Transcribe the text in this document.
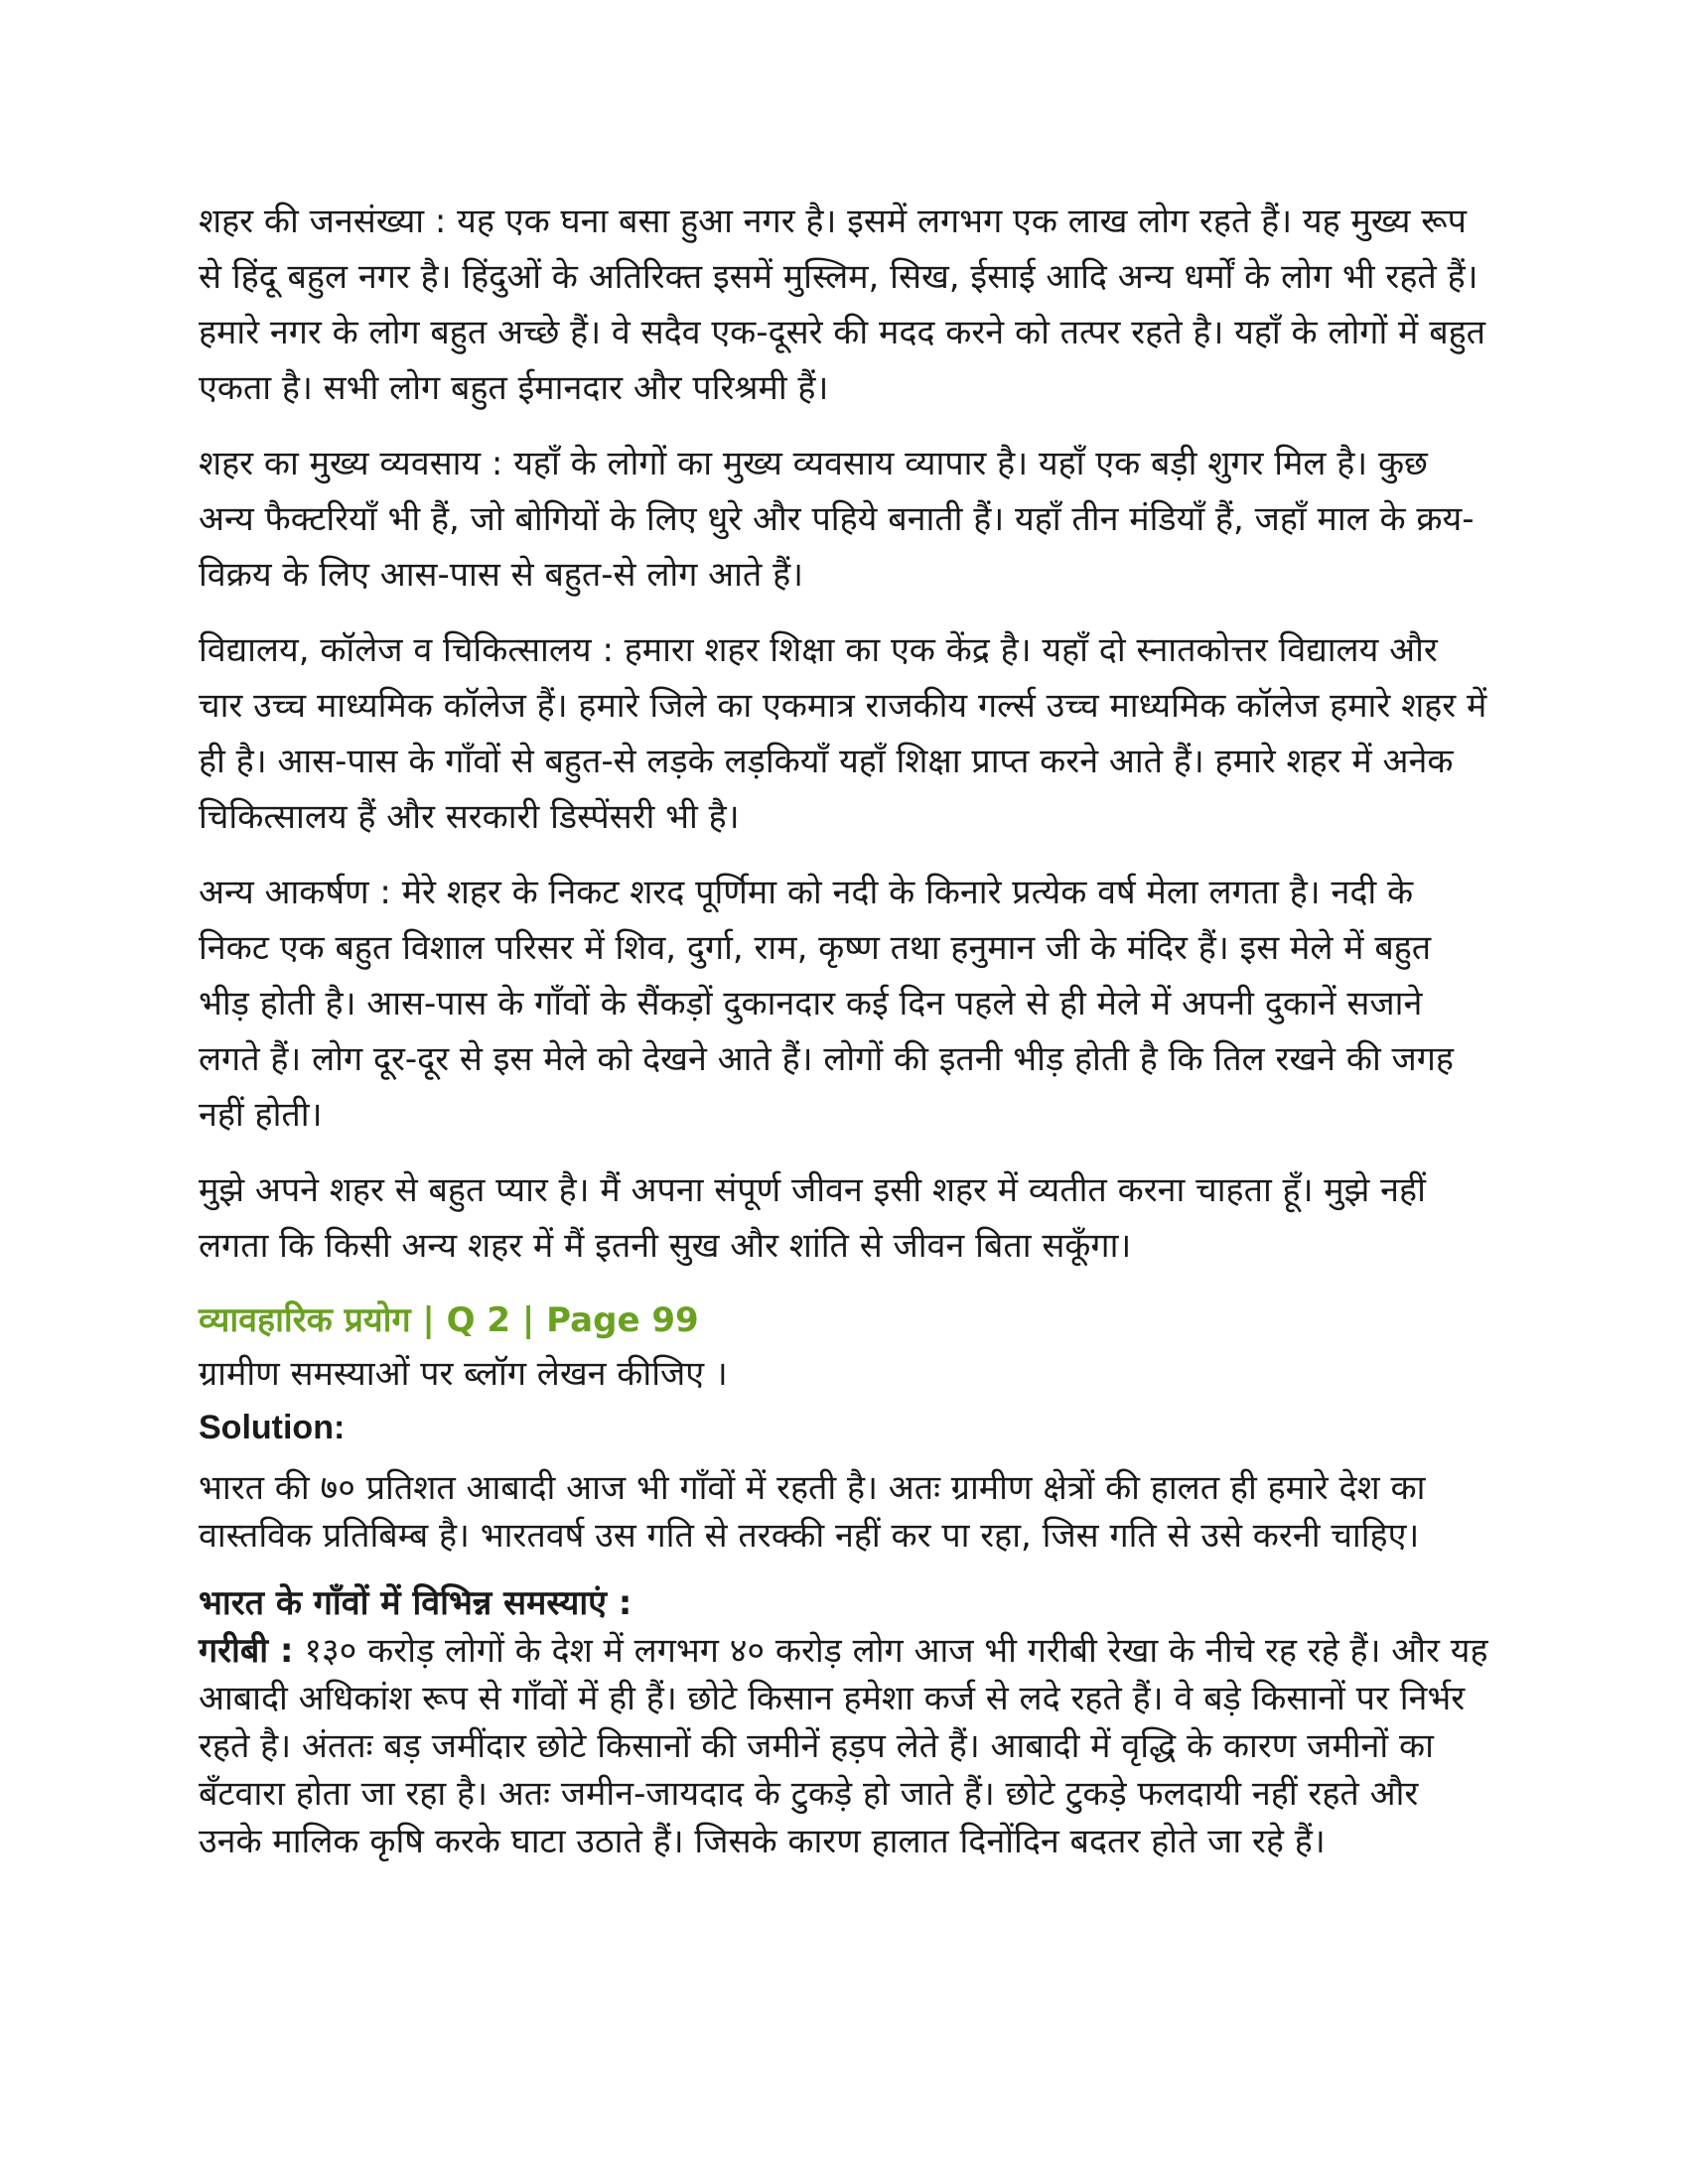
शहर की जनसंख्या : यह एक घना बसा हुआ नगर है। इसमें लगभग एक लाख लोग रहते हैं। यह मुख्य रूप से हिंदू बहुल नगर है। हिंदुओं के अतिरिक्त इसमें मुस्लिम, सिख, ईसाई आदि अन्य धर्मों के लोग भी रहते हैं। हमारे नगर के लोग बहुत अच्छे हैं। वे सदैव एक-दूसरे की मदद करने को तत्पर रहते है। यहाँ के लोगों में बहुत एकता है। सभी लोग बहुत ईमानदार और परिश्रमी हैं।

शहर का मुख्य व्यवसाय : यहाँ के लोगों का मुख्य व्यवसाय व्यापार है। यहाँ एक बड़ी शुगर मिल है। कुछ अन्य फैक्टरियाँ भी हैं, जो बोगियों के लिए धुरे और पहिये बनाती हैं। यहाँ तीन मंडियाँ हैं, जहाँ माल के क्रय-विक्रय के लिए आस-पास से बहुत-से लोग आते हैं।

विद्यालय, कॉलेज व चिकित्सालय : हमारा शहर शिक्षा का एक केंद्र है। यहाँ दो स्नातकोत्तर विद्यालय और चार उच्च माध्यमिक कॉलेज हैं। हमारे जिले का एकमात्र राजकीय गर्ल्स उच्च माध्यमिक कॉलेज हमारे शहर में ही है। आस-पास के गाँवों से बहुत-से लड़के लड़कियाँ यहाँ शिक्षा प्राप्त करने आते हैं। हमारे शहर में अनेक चिकित्सालय हैं और सरकारी डिस्पेंसरी भी है।

अन्य आकर्षण : मेरे शहर के निकट शरद पूर्णिमा को नदी के किनारे प्रत्येक वर्ष मेला लगता है। नदी के निकट एक बहुत विशाल परिसर में शिव, दुर्गा, राम, कृष्ण तथा हनुमान जी के मंदिर हैं। इस मेले में बहुत भीड़ होती है। आस-पास के गाँवों के सैंकड़ों दुकानदार कई दिन पहले से ही मेले में अपनी दुकानें सजाने लगते हैं। लोग दूर-दूर से इस मेले को देखने आते हैं। लोगों की इतनी भीड़ होती है कि तिल रखने की जगह नहीं होती।

मुझे अपने शहर से बहुत प्यार है। मैं अपना संपूर्ण जीवन इसी शहर में व्यतीत करना चाहता हूँ। मुझे नहीं लगता कि किसी अन्य शहर में मैं इतनी सुख और शांति से जीवन बिता सकूँगा।

व्यावहारिक प्रयोग | Q 2 | Page 99
ग्रामीण समस्याओं पर ब्लॉग लेखन कीजिए ।
Solution:

भारत की ७० प्रतिशत आबादी आज भी गाँवों में रहती है। अतः ग्रामीण क्षेत्रों की हालत ही हमारे देश का वास्तविक प्रतिबिम्ब है। भारतवर्ष उस गति से तरक्की नहीं कर पा रहा, जिस गति से उसे करनी चाहिए।

भारत के गाँवों में विभिन्न समस्याएं :

गरीबी : १३० करोड़ लोगों के देश में लगभग ४० करोड़ लोग आज भी गरीबी रेखा के नीचे रह रहे हैं। और यह आबादी अधिकांश रूप से गाँवों में ही हैं। छोटे किसान हमेशा कर्ज से लदे रहते हैं। वे बड़े किसानों पर निर्भर रहते है। अंततः बड़ जमींदार छोटे किसानों की जमीनें हड़प लेते हैं। आबादी में वृद्धि के कारण जमीनों का बँटवारा होता जा रहा है। अतः जमीन-जायदाद के टुकड़े हो जाते हैं। छोटे टुकड़े फलदायी नहीं रहते और उनके मालिक कृषि करके घाटा उठाते हैं। जिसके कारण हालात दिनोंदिन बदतर होते जा रहे हैं।
